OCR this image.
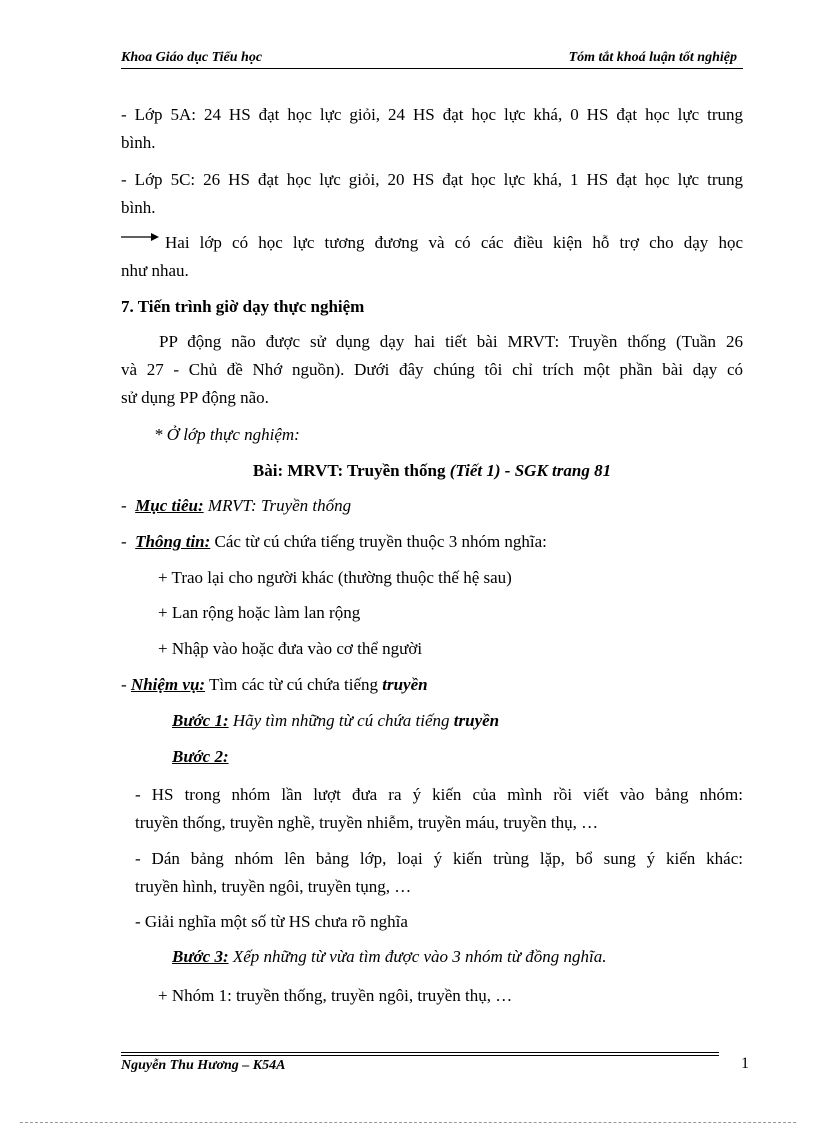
Khoa Giáo dục Tiểu học	Tóm tắt khoá luận tốt nghiệp
- Lớp 5A: 24 HS đạt học lực giỏi, 24 HS đạt học lực khá, 0 HS đạt học lực trung
bình.
- Lớp 5C: 26 HS đạt học lực giỏi, 20 HS đạt học lực khá, 1 HS đạt học lực trung
bình.
Hai lớp có học lực tương đương và có các điều kiện hỗ trợ cho dạy học
như nhau.
7. Tiến trình giờ dạy thực nghiệm
PP động não được sử dụng dạy hai tiết bài MRVT: Truyền thống (Tuần 26
và 27 - Chủ đề Nhớ nguồn). Dưới đây chúng tôi chỉ trích một phần bài dạy có
sử dụng PP động não.
* Ở lớp thực nghiệm:
Bài: MRVT: Truyền thống (Tiết 1) - SGK trang 81
-  Mục tiêu: MRVT: Truyền thống
-  Thông tin: Các từ cú chứa tiếng truyền thuộc 3 nhóm nghĩa:
+ Trao lại cho người khác (thường thuộc thế hệ sau)
+ Lan rộng hoặc làm lan rộng
+ Nhập vào hoặc đưa vào cơ thể người
- Nhiệm vụ: Tìm các từ cú chứa tiếng truyền
Bước 1: Hãy tìm những từ cú chứa tiếng truyền
Bước 2:
- HS trong nhóm lần lượt đưa ra ý kiến của mình rồi viết vào bảng nhóm:
truyền thống, truyền nghề, truyền nhiễm, truyền máu, truyền thụ, …
- Dán bảng nhóm lên bảng lớp, loại ý kiến trùng lặp, bổ sung ý kiến khác:
truyền hình, truyền ngôi, truyền tụng, …
- Giải nghĩa một số từ HS chưa rõ nghĩa
Bước 3: Xếp những từ vừa tìm được vào 3 nhóm từ đồng nghĩa.
+ Nhóm 1: truyền thống, truyền ngôi, truyền thụ, …
Nguyễn Thu Hương – K54A	1
